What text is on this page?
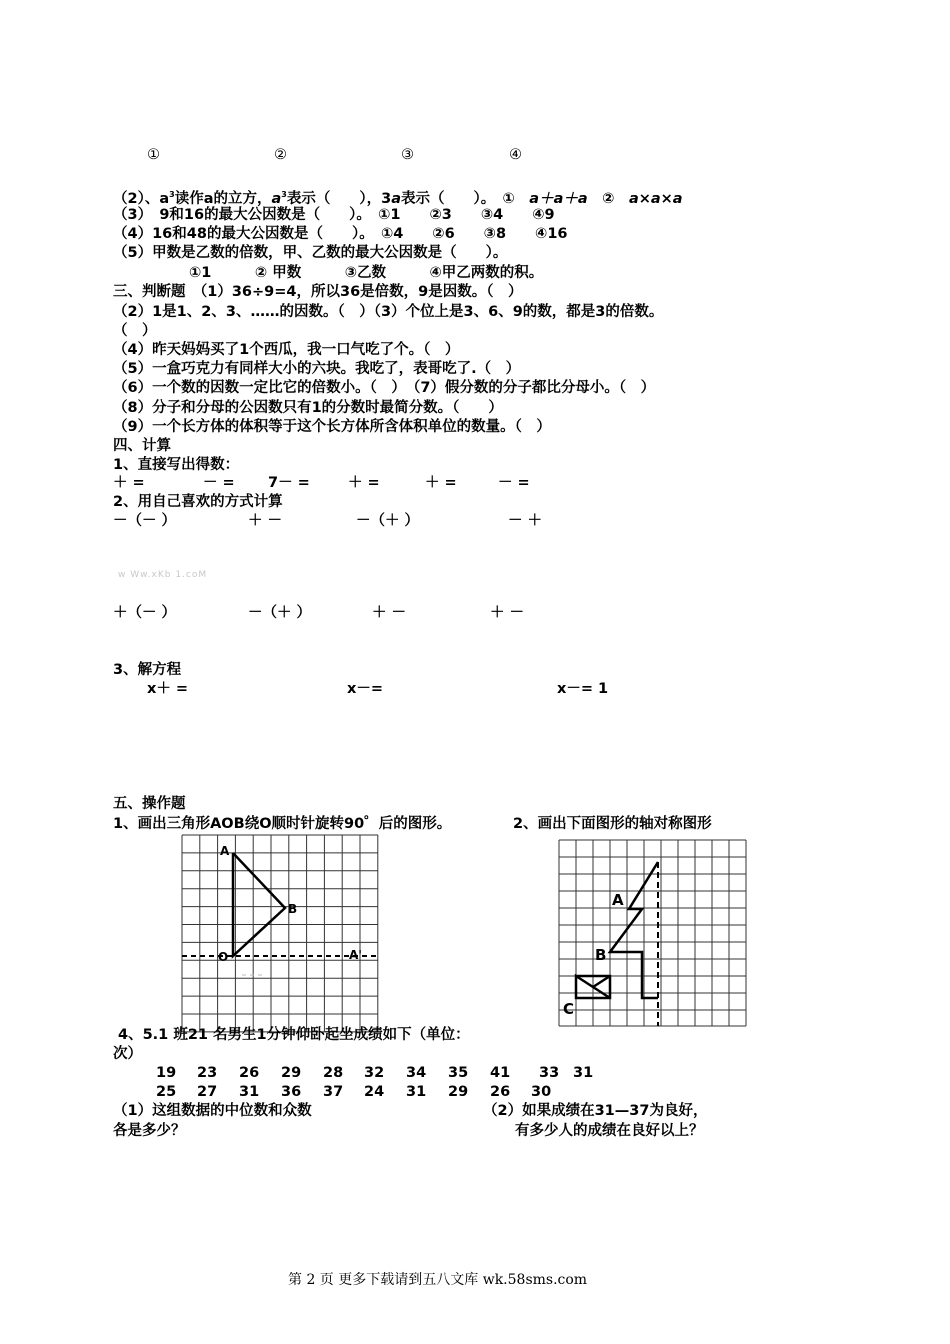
①	②	③	④
（2）、$a^3$读作a的立方，$a^3$表示（　　），3a表示（　　）。　①　a＋a＋a　②　a×a×a
（3）　9和16的最大公因数是（　　）。　①1　　②3　　③4　　④9
（4）16和48的最大公因数是（　　）。　①4　　②6　　③8　　④16
（5）甲数是乙数的倍数，甲、乙数的最大公因数是（　　）。
①1　　　② 甲数　　　③乙数　　　④甲乙两数的积。
三、判断题　（1）36÷9=4，所以36是倍数，9是因数。（　）
（2）1是1、2、3、……的因数。（　）（3）个位上是3、6、9的数，都是3的倍数。
（　）
（4）昨天妈妈买了1个西瓜，我一口气吃了个。（　）
（5）一盒巧克力有同样大小的六块。我吃了，表哥吃了.（　）
（6）一个数的因数一定比它的倍数小。（　）　（7）假分数的分子都比分母小。（　）
（8）分子和分母的公因数只有1的分数时最简分数。（　　）
（9）一个长方体的体积等于这个长方体所含体积单位的数量。（　）
四、计算
1、直接写出得数：
＋ =	－ = 7－ =	＋ =	＋ =	－ =
2、用自己喜欢的方式计算
－（－ ）	＋ －	－（＋ ）	－ ＋
w Ww.xKb 1.coM
＋（－ ）	－（＋ ）	＋ －	＋ －
3、解方程
x＋ =	x－=	x－= 1
五、操作题
1、画出三角形AOB绕O顺时针旋转90゜后的图形。	2、画出下面图形的轴对称图形
A
B
O	A'
A
B
C
4、5.1 班21 名男生1分钟仰卧起坐成绩如下（单位：
次）
19 23 26 29 28 32 34 35 41 33 31
25 27 31 36 37 24 31 29 26 30
（1）这组数据的中位数和众数
各是多少？
（2）如果成绩在31—37为良好，
有多少人的成绩在良好以上？
第 2 页 更多下载请到五八文库 wk.58sms.com
